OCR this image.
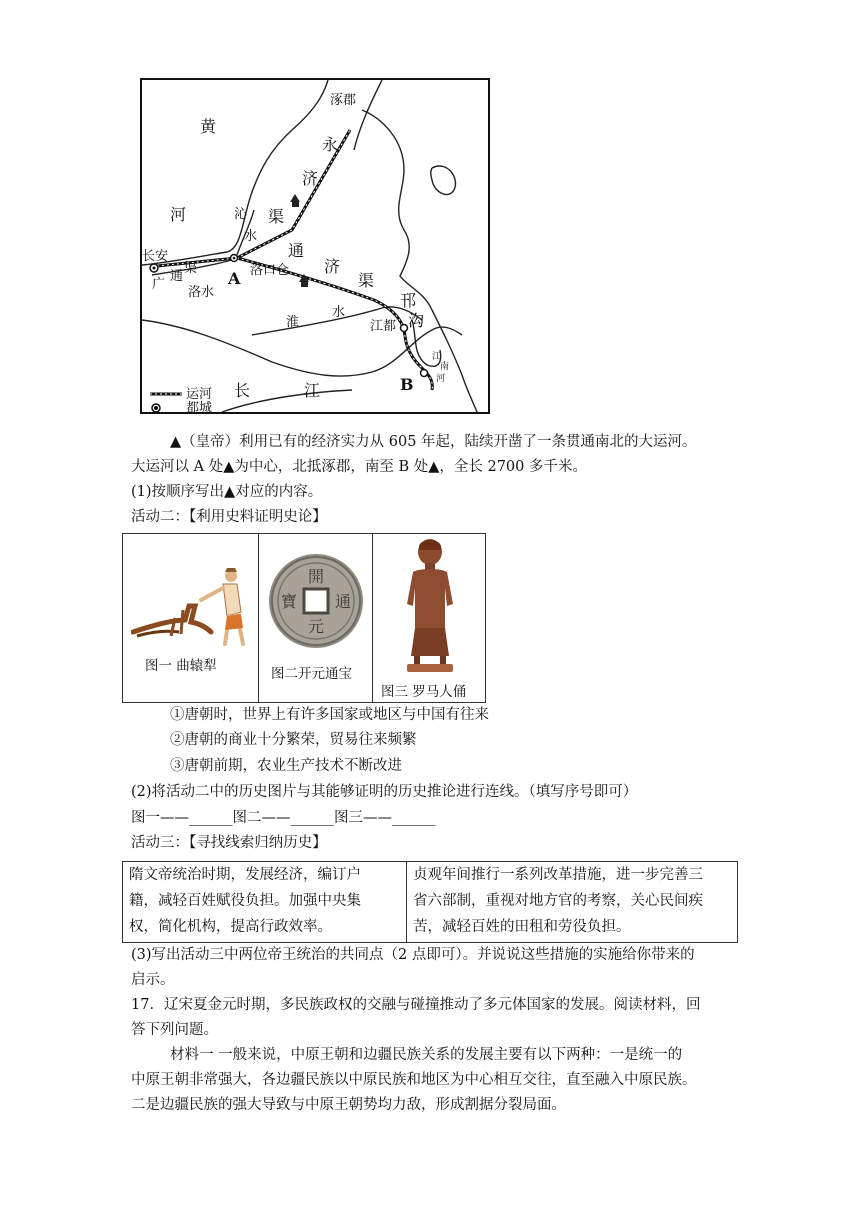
涿郡
黄
河
永
济
渠
沁
水
长安
广
通
渠
洛水
A 洛口仓
通
济
渠
邗
沟
淮
水
江都
江
南
河
长	江	B
运河
都城
▲（皇帝）利用已有的经济实力从 605 年起，陆续开凿了一条贯通南北的大运河。
大运河以 A 处▲为中心，北抵涿郡，南至 B 处▲，全长 2700 多千米。
(1)按顺序写出▲对应的内容。
活动二：【利用史料证明史论】
图一 曲辕犁
開
元
通
寶
图二开元通宝
图三 罗马人俑
①唐朝时，世界上有许多国家或地区与中国有往来
②唐朝的商业十分繁荣，贸易往来频繁
③唐朝前期，农业生产技术不断改进
(2)将活动二中的历史图片与其能够证明的历史推论进行连线。（填写序号即可）
图一——______图二——______图三——______
活动三：【寻找线索归纳历史】
隋文帝统治时期，发展经济，编订户
籍，减轻百姓赋役负担。加强中央集
权，简化机构，提高行政效率。
贞观年间推行一系列改革措施，进一步完善三
省六部制，重视对地方官的考察，关心民间疾
苦，减轻百姓的田租和劳役负担。
(3)写出活动三中两位帝王统治的共同点（2 点即可）。并说说这些措施的实施给你带来的
启示。
17．辽宋夏金元时期，多民族政权的交融与碰撞推动了多元体国家的发展。阅读材料，回
答下列问题。
材料一 一般来说，中原王朝和边疆民族关系的发展主要有以下两种：一是统一的
中原王朝非常强大，各边疆民族以中原民族和地区为中心相互交往，直至融入中原民族。
二是边疆民族的强大导致与中原王朝势均力敌，形成割据分裂局面。
